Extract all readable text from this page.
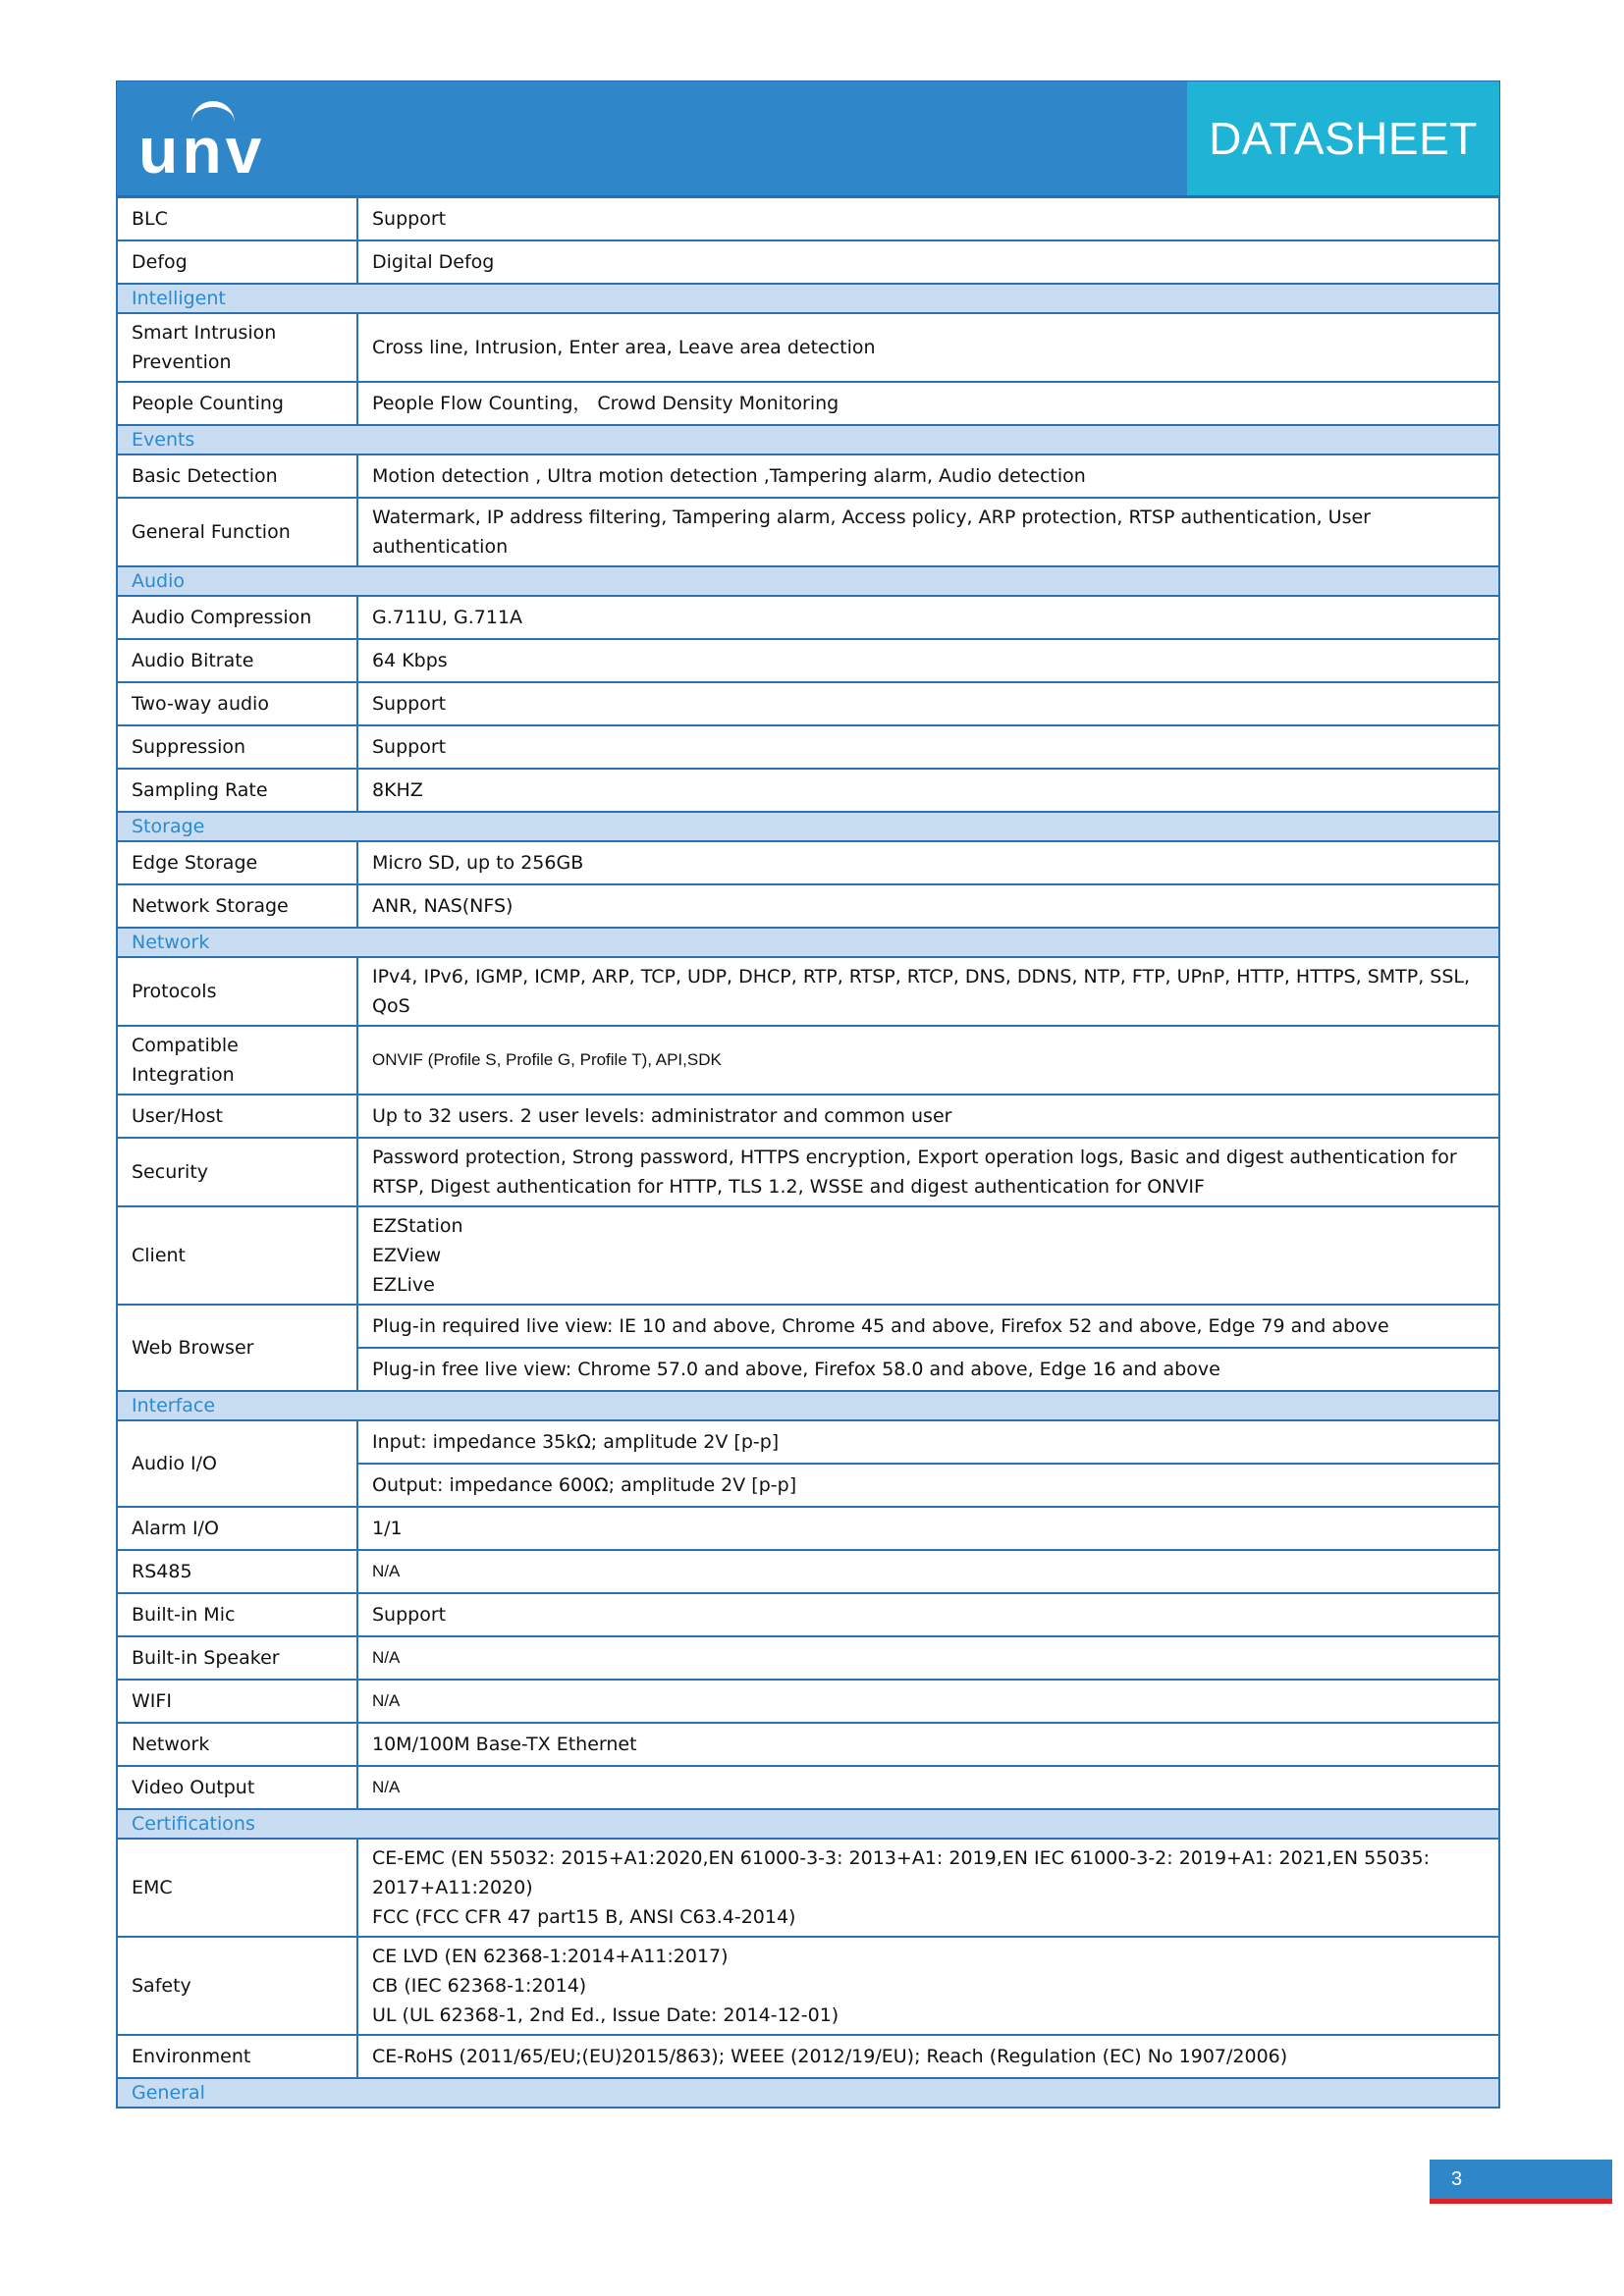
unv	DATASHEET
BLC	Support
Defog	Digital Defog
Intelligent	
Smart Intrusion Prevention	Cross line, Intrusion, Enter area, Leave area detection
People Counting	People Flow Counting， Crowd Density Monitoring
Events	
Basic Detection	Motion detection , Ultra motion detection ,Tampering alarm, Audio detection
General Function	Watermark, IP address filtering, Tampering alarm, Access policy, ARP protection, RTSP authentication, User authentication
Audio	
Audio Compression	G.711U, G.711A
Audio Bitrate	64 Kbps
Two-way audio	Support
Suppression	Support
Sampling Rate	8KHZ
Storage	
Edge Storage	Micro SD, up to 256GB
Network Storage	ANR, NAS(NFS)
Network	
Protocols	IPv4, IPv6, IGMP, ICMP, ARP, TCP, UDP, DHCP, RTP, RTSP, RTCP, DNS, DDNS, NTP, FTP, UPnP, HTTP, HTTPS, SMTP, SSL, QoS
Compatible Integration	ONVIF (Profile S, Profile G, Profile T), API,SDK
User/Host	Up to 32 users. 2 user levels: administrator and common user
Security	Password protection, Strong password, HTTPS encryption, Export operation logs, Basic and digest authentication for RTSP, Digest authentication for HTTP, TLS 1.2, WSSE and digest authentication for ONVIF
Client	EZStation
EZView
EZLive

Web Browser	Plug-in required live view: IE 10 and above, Chrome 45 and above, Firefox 52 and above, Edge 79 and above
	Plug-in free live view: Chrome 57.0 and above, Firefox 58.0 and above, Edge 16 and above
Interface	
Audio I/O	Input: impedance 35kΩ; amplitude 2V [p-p]
	Output: impedance 600Ω; amplitude 2V [p-p]
Alarm I/O	1/1
RS485	N/A
Built-in Mic	Support
Built-in Speaker	N/A
WIFI	N/A
Network	10M/100M Base-TX Ethernet
Video Output	N/A
Certifications	
EMC	CE-EMC (EN 55032: 2015+A1:2020,EN 61000-3-3: 2013+A1: 2019,EN IEC 61000-3-2: 2019+A1: 2021,EN 55035: 2017+A11:2020)
FCC (FCC CFR 47 part15 B, ANSI C63.4-2014)

Safety	CE LVD (EN 62368-1:2014+A11:2017)
CB (IEC 62368-1:2014)
UL (UL 62368-1, 2nd Ed., Issue Date: 2014-12-01)

Environment	CE-RoHS (2011/65/EU;(EU)2015/863); WEEE (2012/19/EU); Reach (Regulation (EC) No 1907/2006)
General	
3
